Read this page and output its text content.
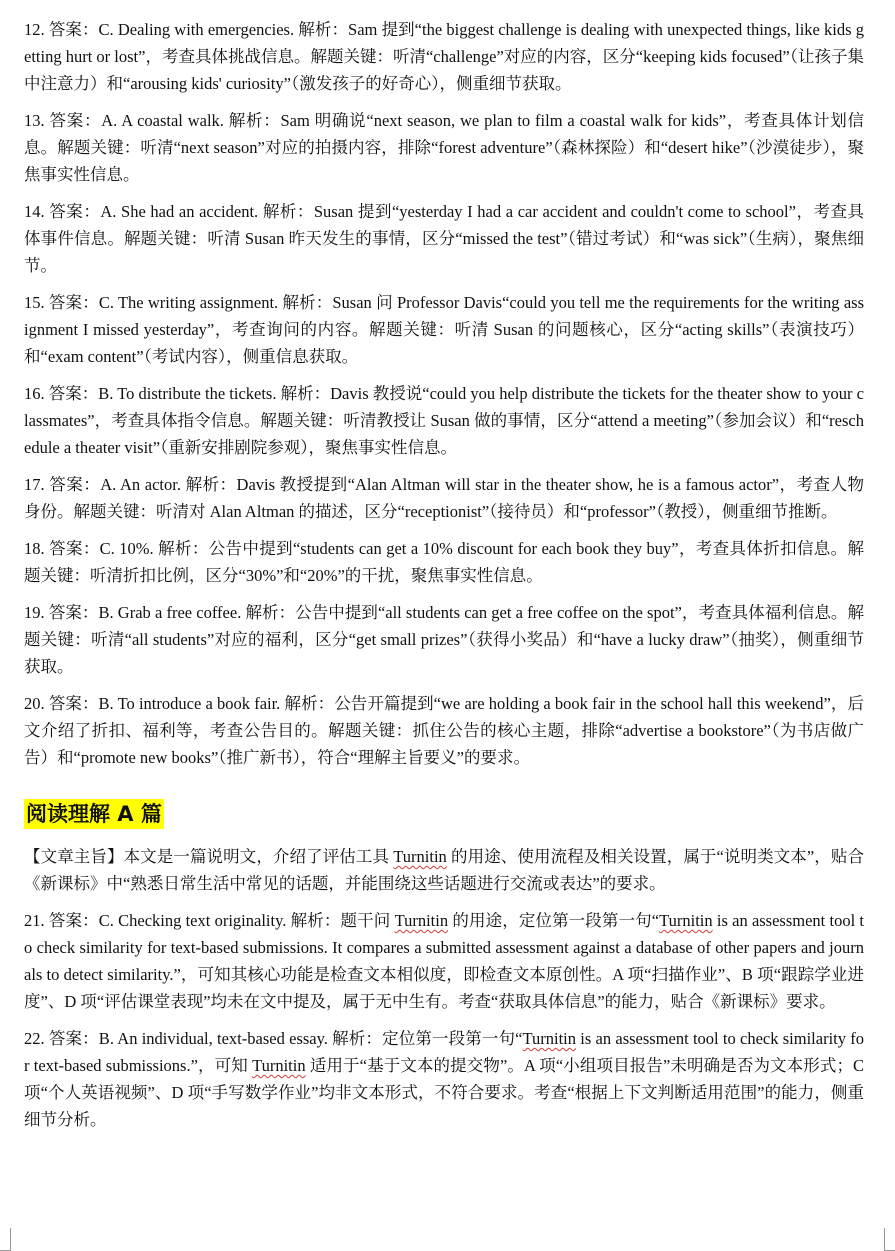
12. 答案：C. Dealing with emergencies. 解析：Sam 提到“the biggest challenge is dealing with unexpected things, like kids getting hurt or lost”，考查具体挑战信息。解题关键：听清“challenge”对应的内容，区分“keeping kids focused”（让孩子集中注意力）和“arousing kids' curiosity”（激发孩子的好奇心），侧重细节获取。

13. 答案：A. A coastal walk. 解析：Sam 明确说“next season, we plan to film a coastal walk for kids”，考查具体计划信息。解题关键：听清“next season”对应的拍摄内容，排除“forest adventure”（森林探险）和“desert hike”（沙漠徒步），聚焦事实性信息。

14. 答案：A. She had an accident. 解析：Susan 提到“yesterday I had a car accident and couldn't come to school”，考查具体事件信息。解题关键：听清 Susan 昨天发生的事情，区分“missed the test”（错过考试）和“was sick”（生病），聚焦细节。

15. 答案：C. The writing assignment. 解析：Susan 问 Professor Davis“could you tell me the requirements for the writing assignment I missed yesterday”，考查询问的内容。解题关键：听清 Susan 的问题核心，区分“acting skills”（表演技巧）和“exam content”（考试内容），侧重信息获取。

16. 答案：B. To distribute the tickets. 解析：Davis 教授说“could you help distribute the tickets for the theater show to your classmates”，考查具体指令信息。解题关键：听清教授让 Susan 做的事情，区分“attend a meeting”（参加会议）和“reschedule a theater visit”（重新安排剧院参观），聚焦事实性信息。

17. 答案：A. An actor. 解析：Davis 教授提到“Alan Altman will star in the theater show, he is a famous actor”，考查人物身份。解题关键：听清对 Alan Altman 的描述，区分“receptionist”（接待员）和“professor”（教授），侧重细节推断。

18. 答案：C. 10%. 解析：公告中提到“students can get a 10% discount for each book they buy”，考查具体折扣信息。解题关键：听清折扣比例，区分“30%”和“20%”的干扰，聚焦事实性信息。

19. 答案：B. Grab a free coffee. 解析：公告中提到“all students can get a free coffee on the spot”，考查具体福利信息。解题关键：听清“all students”对应的福利，区分“get small prizes”（获得小奖品）和“have a lucky draw”（抽奖），侧重细节获取。

20. 答案：B. To introduce a book fair. 解析：公告开篇提到“we are holding a book fair in the school hall this weekend”，后文介绍了折扣、福利等，考查公告目的。解题关键：抓住公告的核心主题，排除“advertise a bookstore”（为书店做广告）和“promote new books”（推广新书），符合“理解主旨要义”的要求。

阅读理解 A 篇

【文章主旨】本文是一篇说明文，介绍了评估工具 Turnitin 的用途、使用流程及相关设置，属于“说明类文本”，贴合《新课标》中“熟悉日常生活中常见的话题，并能围绕这些话题进行交流或表达”的要求。

21. 答案：C. Checking text originality. 解析：题干问 Turnitin 的用途，定位第一段第一句“Turnitin is an assessment tool to check similarity for text-based submissions. It compares a submitted assessment against a database of other papers and journals to detect similarity.”，可知其核心功能是检查文本相似度，即检查文本原创性。A 项“扫描作业”、B 项“跟踪学业进度”、D 项“评估课堂表现”均未在文中提及，属于无中生有。考查“获取具体信息”的能力，贴合《新课标》要求。

22. 答案：B. An individual, text-based essay. 解析：定位第一段第一句“Turnitin is an assessment tool to check similarity for text-based submissions.”，可知 Turnitin 适用于“基于文本的提交物”。A 项“小组项目报告”未明确是否为文本形式；C 项“个人英语视频”、D 项“手写数学作业”均非文本形式，不符合要求。考查“根据上下文判断适用范围”的能力，侧重细节分析。
